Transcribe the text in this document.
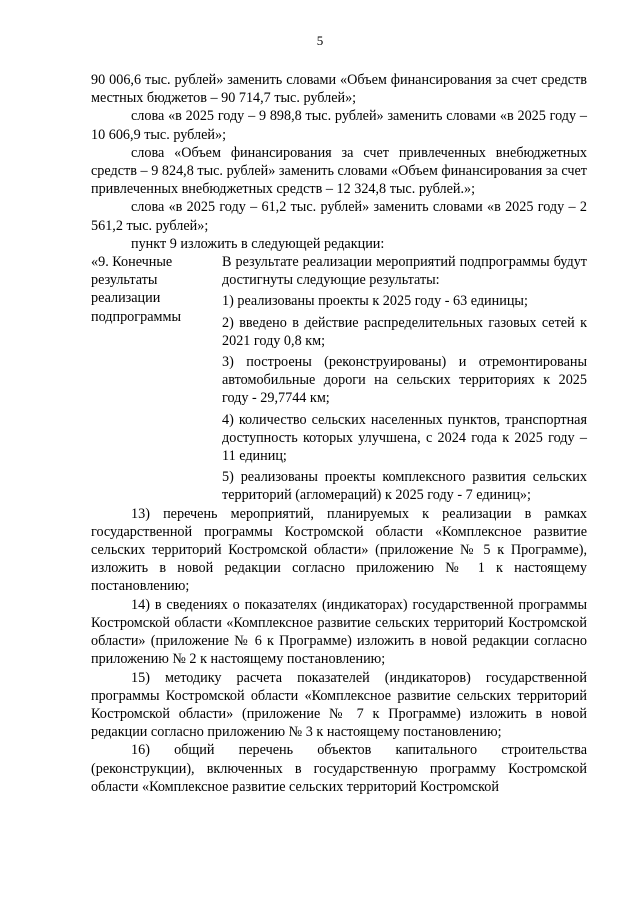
5

90 006,6 тыс. рублей» заменить словами «Объем финансирования за счет средств местных бюджетов – 90 714,7 тыс. рублей»;

слова «в 2025 году – 9 898,8 тыс. рублей» заменить словами «в 2025 году – 10 606,9 тыс. рублей»;

слова «Объем финансирования за счет привлеченных внебюджетных средств – 9 824,8 тыс. рублей» заменить словами «Объем финансирования за счет привлеченных внебюджетных средств – 12 324,8 тыс. рублей.»;

слова «в 2025 году – 61,2 тыс. рублей» заменить словами «в 2025 году – 2 561,2 тыс. рублей»;

пункт 9 изложить в следующей редакции:

«9. Конечные

результаты

реализации

подпрограммы

В результате реализации мероприятий подпрограммы будут достигнуты следующие результаты:

1) реализованы проекты к 2025 году - 63 единицы;

2) введено в действие распределительных газовых сетей к 2021 году 0,8 км;

3) построены (реконструированы) и отремонтированы автомобильные дороги на сельских территориях к 2025 году - 29,7744 км;

4) количество сельских населенных пунктов, транспортная доступность которых улучшена, с 2024 года к 2025 году – 11 единиц;

5) реализованы проекты комплексного развития сельских территорий (агломераций) к 2025 году - 7 единиц»;

13) перечень мероприятий, планируемых к реализации в рамках государственной программы Костромской области «Комплексное развитие сельских территорий Костромской области» (приложение № 5 к Программе), изложить в новой редакции согласно приложению № 1 к настоящему постановлению;

14) в сведениях о показателях (индикаторах) государственной программы Костромской области «Комплексное развитие сельских территорий Костромской области» (приложение № 6 к Программе) изложить в новой редакции согласно приложению № 2 к настоящему постановлению;

15) методику расчета показателей (индикаторов) государственной программы Костромской области «Комплексное развитие сельских территорий Костромской области» (приложение № 7 к Программе) изложить в новой редакции согласно приложению № 3 к настоящему постановлению;

16) общий перечень объектов капитального строительства (реконструкции), включенных в государственную программу Костромской области «Комплексное развитие сельских территорий Костромской
